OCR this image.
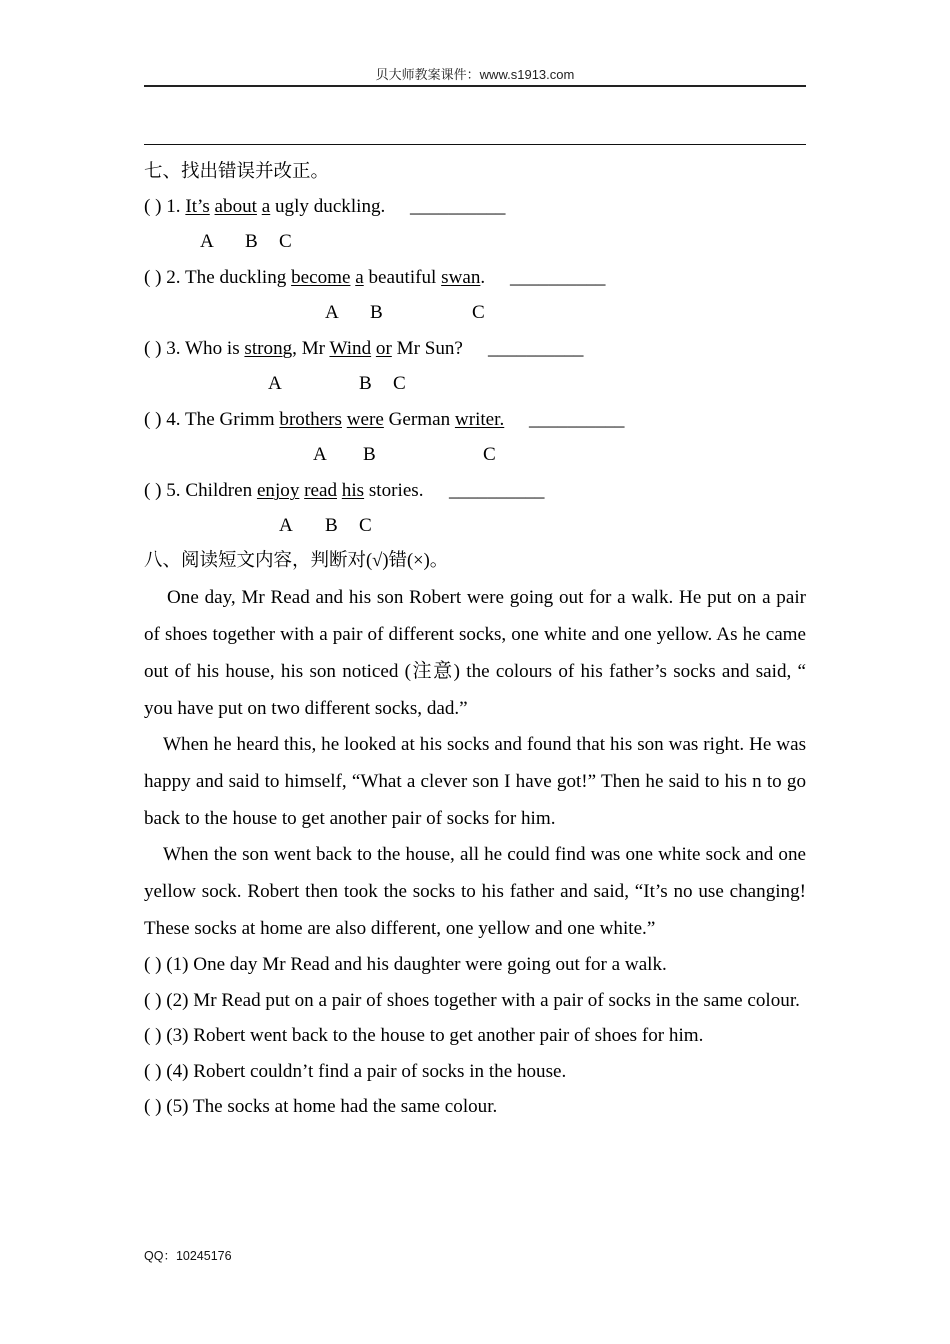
贝大师教案课件：www.s1913.com
七、找出错误并改正。
( ) 1. It’s about a ugly duckling. __________
A B C
( ) 2. The duckling become a beautiful swan. __________
A B	C
( ) 3. Who is strong, Mr Wind or Mr Sun? __________
A	B C
( ) 4. The Grimm brothers were German writer. __________
A B	C
( ) 5. Children enjoy read his stories. __________
A B C
八、阅读短文内容，判断对(√)错(×)。
One day, Mr Read and his son Robert were going out for a walk. He put on a pair
of shoes together with a pair of different socks, one white and one yellow. As he came
out of his house, his son noticed (注意) the colours of his father’s socks and said, “
you have put on two different socks, dad.”
When he heard this, he looked at his socks and found that his son was right. He was
happy and said to himself, “What a clever son I have got!” Then he said to his n to go
back to the house to get another pair of socks for him.
When the son went back to the house, all he could find was one white sock and one
yellow sock. Robert then took the socks to his father and said, “It’s no use changing!
These socks at home are also different, one yellow and one white.”
( ) (1) One day Mr Read and his daughter were going out for a walk.
( ) (2) Mr Read put on a pair of shoes together with a pair of socks in the same colour.
( ) (3) Robert went back to the house to get another pair of shoes for him.
( ) (4) Robert couldn’t find a pair of socks in the house.
( ) (5) The socks at home had the same colour.
QQ：10245176
